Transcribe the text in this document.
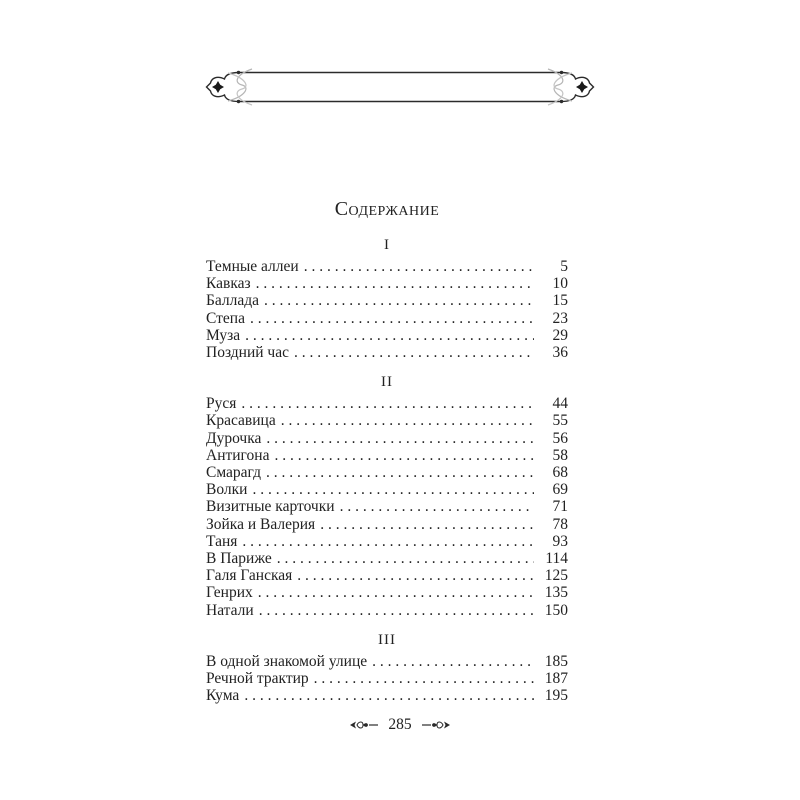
Содержание
I
Темные аллеи . . .	5
Кавказ . . .	10
Баллада . . .	15
Степа . . .	23
Муза . . .	29
Поздний час . . .	36
II
Руся . . .	44
Красавица . . .	55
Дурочка . . .	56
Антигона . . .	58
Смарагд . . .	68
Волки . . .	69
Визитные карточки . . .	71
Зойка и Валерия . . .	78
Таня . . .	93
В Париже . . .	114
Галя Ганская . . .	125
Генрих . . .	135
Натали . . .	150
III
В одной знакомой улице . . .	185
Речной трактир . . .	187
Кума . . .	195
285
